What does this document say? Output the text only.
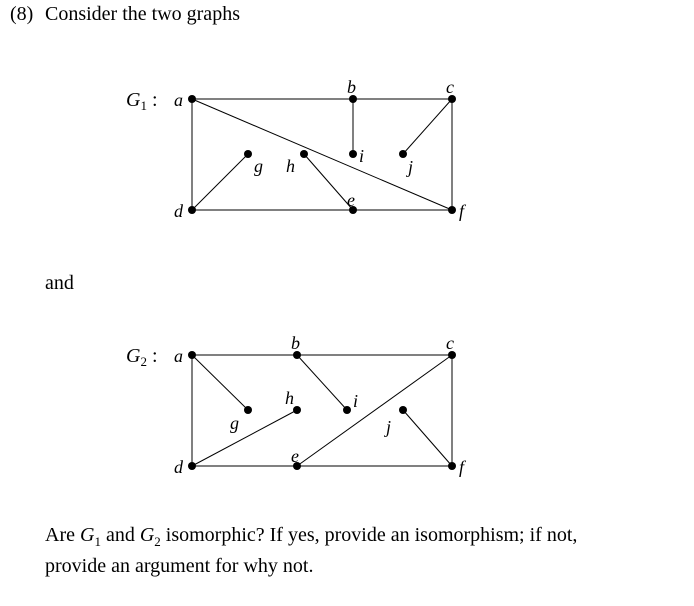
(8) Consider the two graphs
$G_1$ : a
b	c
d
e
f
g h	i
j
$G_2$ : a
b	c
d
e
f
g
h	i
j
and
Are $G_1$ and $G_2$ isomorphic? If yes, provide an isomorphism; if not,
provide an argument for why not.
